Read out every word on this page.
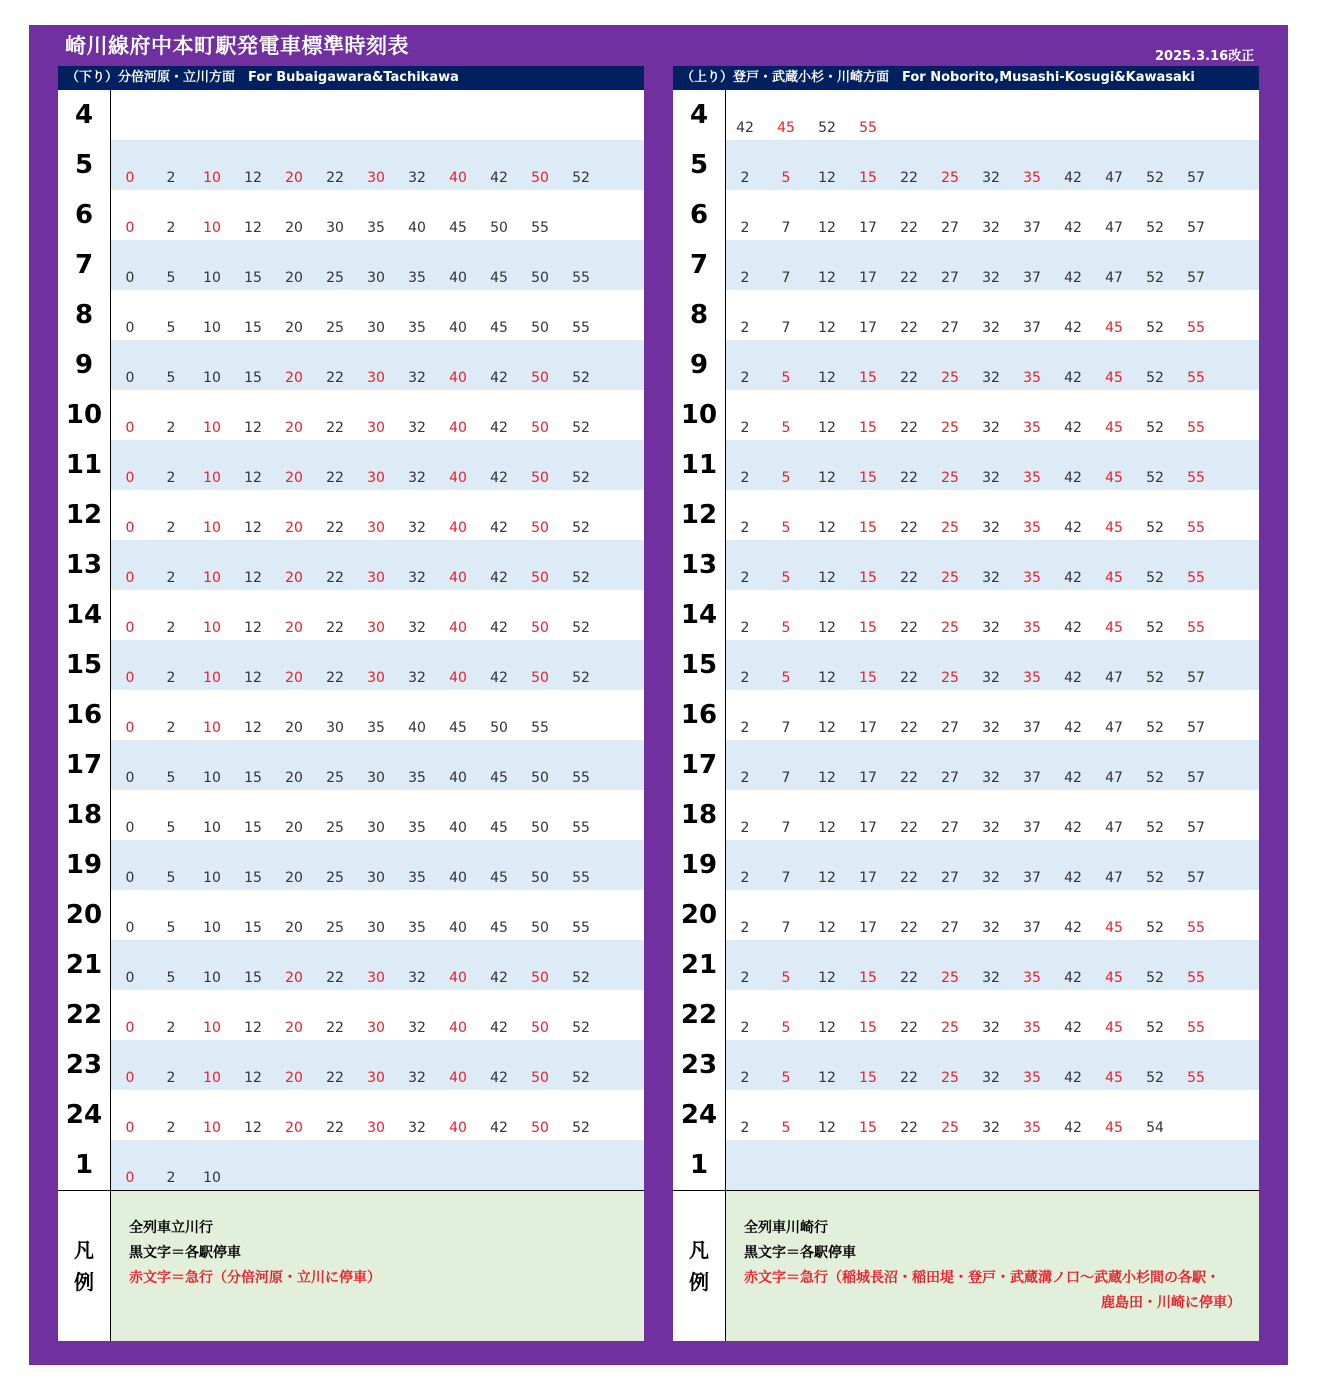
崎川線府中本町駅発電車標準時刻表	2025.3.16改正
（下り）分倍河原・立川方面　For Bubaigawara&Tachikawa
4
5	0	2	10	12	20	22	30	32	40	42	50	52
6	0	2	10	12	20	30	35	40	45	50	55
7	0	5	10	15	20	25	30	35	40	45	50	55
8	0	5	10	15	20	25	30	35	40	45	50	55
9	0	5	10	15	20	22	30	32	40	42	50	52
10	0	2	10	12	20	22	30	32	40	42	50	52
11	0	2	10	12	20	22	30	32	40	42	50	52
12	0	2	10	12	20	22	30	32	40	42	50	52
13	0	2	10	12	20	22	30	32	40	42	50	52
14	0	2	10	12	20	22	30	32	40	42	50	52
15	0	2	10	12	20	22	30	32	40	42	50	52
16	0	2	10	12	20	30	35	40	45	50	55
17	0	5	10	15	20	25	30	35	40	45	50	55
18	0	5	10	15	20	25	30	35	40	45	50	55
19	0	5	10	15	20	25	30	35	40	45	50	55
20	0	5	10	15	20	25	30	35	40	45	50	55
21	0	5	10	15	20	22	30	32	40	42	50	52
22	0	2	10	12	20	22	30	32	40	42	50	52
23	0	2	10	12	20	22	30	32	40	42	50	52
24	0	2	10	12	20	22	30	32	40	42	50	52
1	0	2	10
凡
例
全列車立川行
黒文字＝各駅停車
赤文字＝急行（分倍河原・立川に停車）
（上り）登戸・武蔵小杉・川崎方面　For Noborito,Musashi-Kosugi&Kawasaki
4	42	45	52	55
5	2	5	12	15	22	25	32	35	42	47	52	57
6	2	7	12	17	22	27	32	37	42	47	52	57
7	2	7	12	17	22	27	32	37	42	47	52	57
8	2	7	12	17	22	27	32	37	42	45	52	55
9	2	5	12	15	22	25	32	35	42	45	52	55
10	2	5	12	15	22	25	32	35	42	45	52	55
11	2	5	12	15	22	25	32	35	42	45	52	55
12	2	5	12	15	22	25	32	35	42	45	52	55
13	2	5	12	15	22	25	32	35	42	45	52	55
14	2	5	12	15	22	25	32	35	42	45	52	55
15	2	5	12	15	22	25	32	35	42	47	52	57
16	2	7	12	17	22	27	32	37	42	47	52	57
17	2	7	12	17	22	27	32	37	42	47	52	57
18	2	7	12	17	22	27	32	37	42	47	52	57
19	2	7	12	17	22	27	32	37	42	47	52	57
20	2	7	12	17	22	27	32	37	42	45	52	55
21	2	5	12	15	22	25	32	35	42	45	52	55
22	2	5	12	15	22	25	32	35	42	45	52	55
23	2	5	12	15	22	25	32	35	42	45	52	55
24	2	5	12	15	22	25	32	35	42	45	54
1
凡
例
全列車川崎行
黒文字＝各駅停車
赤文字＝急行（稲城長沼・稲田堤・登戸・武蔵溝ノ口～武蔵小杉間の各駅・
鹿島田・川崎に停車）
